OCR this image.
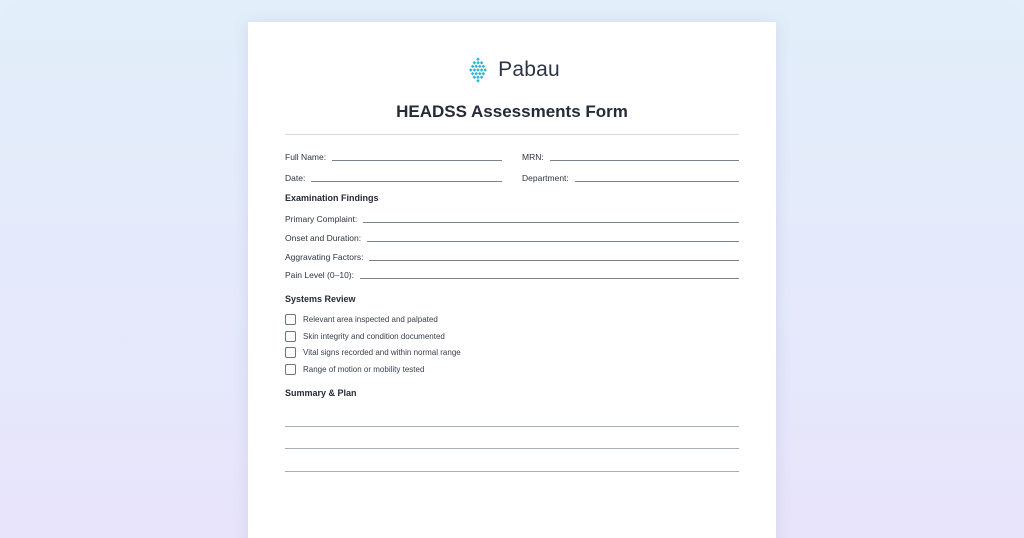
Pabau
HEADSS Assessments Form
Full Name:	MRN:
Date:	Department:
Examination Findings
Primary Complaint:
Onset and Duration:
Aggravating Factors:
Pain Level (0–10):
Systems Review
Relevant area inspected and palpated
Skin integrity and condition documented
Vital signs recorded and within normal range
Range of motion or mobility tested
Summary & Plan
